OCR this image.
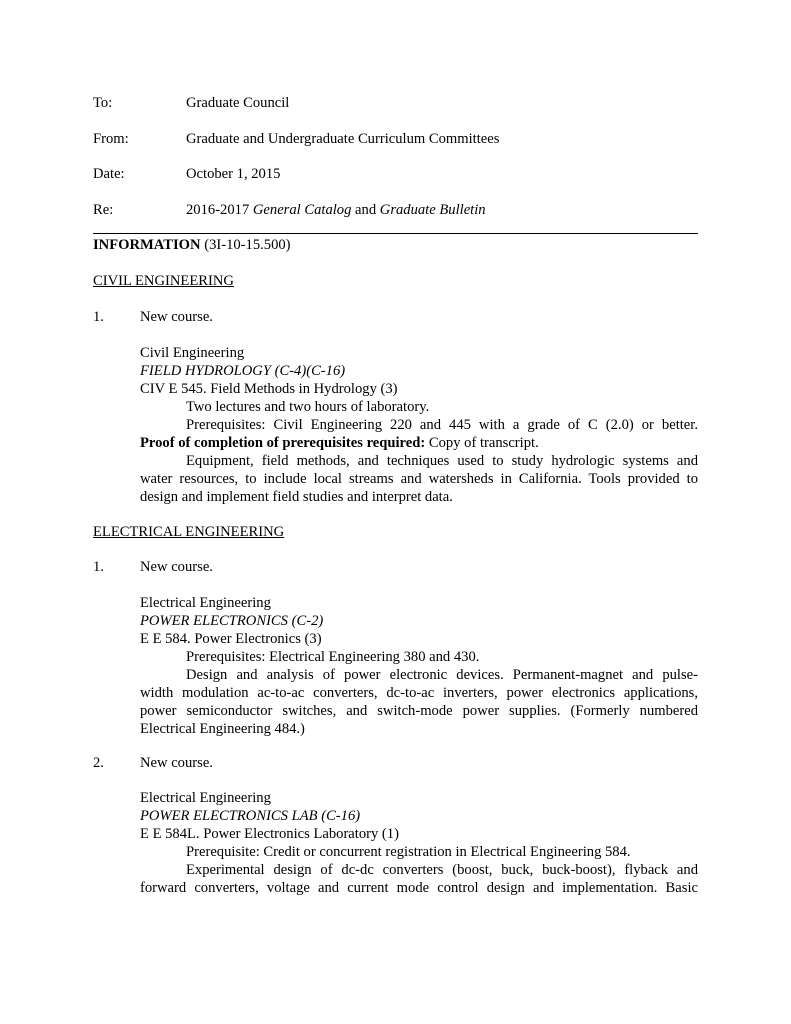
To:	Graduate Council
From:	Graduate and Undergraduate Curriculum Committees
Date:	October 1, 2015
Re:	2016-2017 General Catalog and Graduate Bulletin
INFORMATION (3I-10-15.500)
CIVIL ENGINEERING
1. New course.
Civil Engineering
FIELD HYDROLOGY (C-4)(C-16)
CIV E 545. Field Methods in Hydrology (3)
Two lectures and two hours of laboratory.
Prerequisites: Civil Engineering 220 and 445 with a grade of C (2.0) or better.
Proof of completion of prerequisites required: Copy of transcript.
Equipment, field methods, and techniques used to study hydrologic systems and
water resources, to include local streams and watersheds in California. Tools provided to
design and implement field studies and interpret data.
ELECTRICAL ENGINEERING
1. New course.
Electrical Engineering
POWER ELECTRONICS (C-2)
E E 584. Power Electronics (3)
Prerequisites: Electrical Engineering 380 and 430.
Design and analysis of power electronic devices. Permanent-magnet and pulse-
width modulation ac-to-ac converters, dc-to-ac inverters, power electronics applications,
power semiconductor switches, and switch-mode power supplies. (Formerly numbered
Electrical Engineering 484.)
2. New course.
Electrical Engineering
POWER ELECTRONICS LAB (C-16)
E E 584L. Power Electronics Laboratory (1)
Prerequisite: Credit or concurrent registration in Electrical Engineering 584.
Experimental design of dc-dc converters (boost, buck, buck-boost), flyback and
forward converters, voltage and current mode control design and implementation. Basic
